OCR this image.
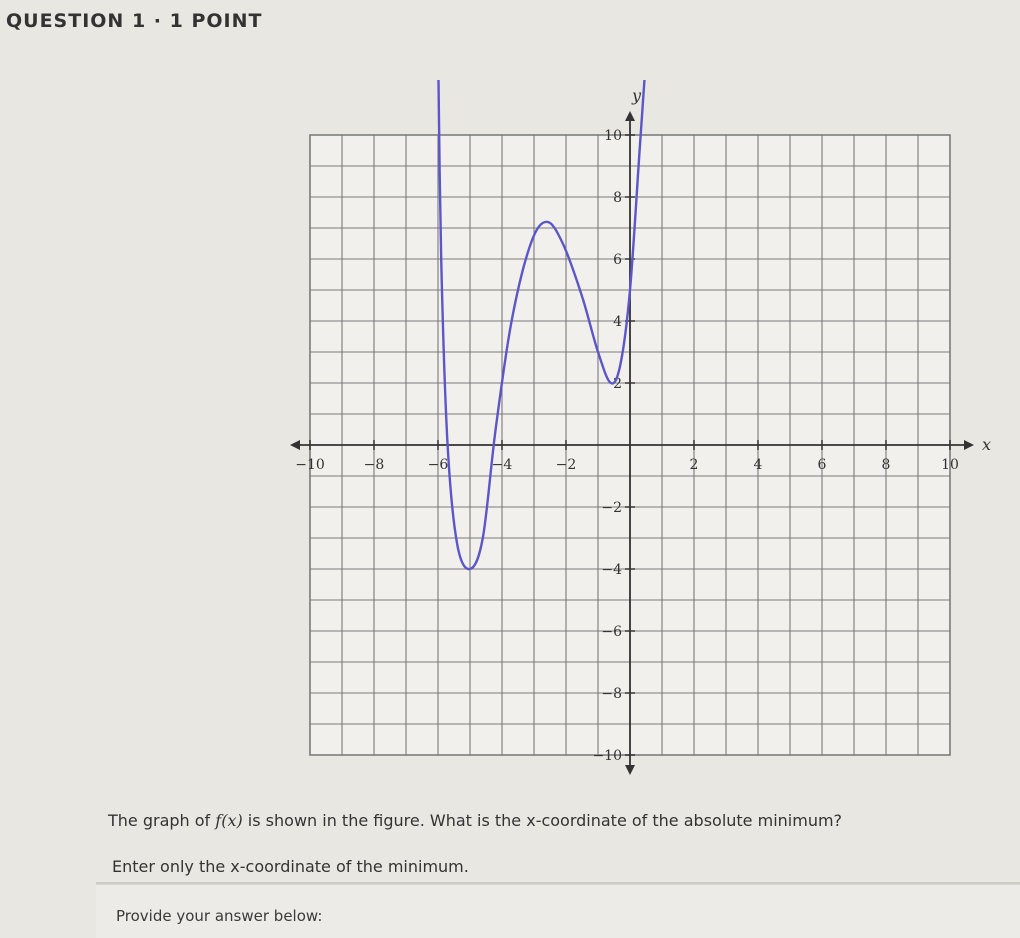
QUESTION 1 · 1 POINT
x
y
−10	−8	−6	−4	−2	2	4	6	8	10
−10
−8
−6
−4
−2
2
4
6
8
10
The graph of f(x) is shown in the figure. What is the x-coordinate of the absolute minimum?
Enter only the x-coordinate of the minimum.
Provide your answer below:
